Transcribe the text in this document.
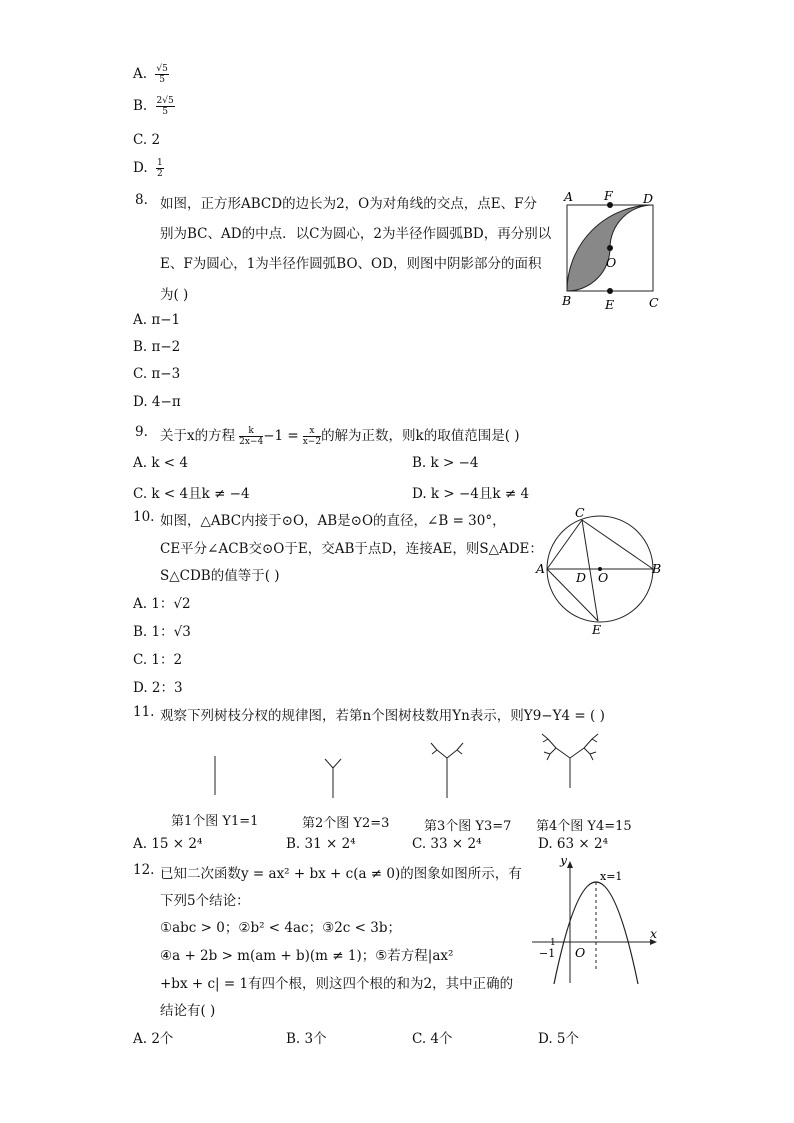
A. $\frac{√5}{5}$
B. $\frac{2√5}{5}$
C. 2
D. $\frac{1}{2}$
8. 如图，正方形ABCD的边长为2，O为对角线的交点，点E、F分
别为BC、AD的中点．以C为圆心，2为半径作圆弧BD，再分别以
E、F为圆心，1为半径作圆弧BO、OD，则图中阴影部分的面积
为( )
A. π−1
B. π−2
C. π−3
D. 4−π
A F D
O
B	E	C
9. 关于x的方程 $\frac{k}{2x-4} -1 = \frac{x}{x-2}$ 的解为正数，则k的取值范围是( )
A. k < 4	B. k > −4
C. k < 4且k ≠ −4	D. k > −4且k ≠ 4
10. 如图，△ABC内接于⊙O，AB是⊙O的直径，∠B = 30°，
CE平分∠ACB交⊙O于E，交AB于点D，连接AE，则S△ADE：
S△CDB的值等于( )
A. 1：√2
B. 1：√3
C. 1：2
D. 2：3
C
A
D O
B
E
11. 观察下列树枝分杈的规律图，若第n个图树枝数用Yn表示，则Y9−Y4 = ( )
第1个图 Y1=1	第2个图 Y2=3	第3个图 Y3=7 第4个图 Y4=15
A. 15 × 2⁴	B. 31 × 2⁴	C. 33 × 2⁴	D. 63 × 2⁴
12. 已知二次函数y = ax² + bx + c(a ≠ 0)的图象如图所示，有
下列5个结论：
①abc > 0；②b² < 4ac；③2c < 3b；
④a + 2b > m(am + b)(m ≠ 1)；⑤若方程|ax²
+bx + c| = 1有四个根，则这四个根的和为2，其中正确的
结论有( )
A. 2个	B. 3个	C. 4个	D. 5个
y
x
x=1
−1
1
O
